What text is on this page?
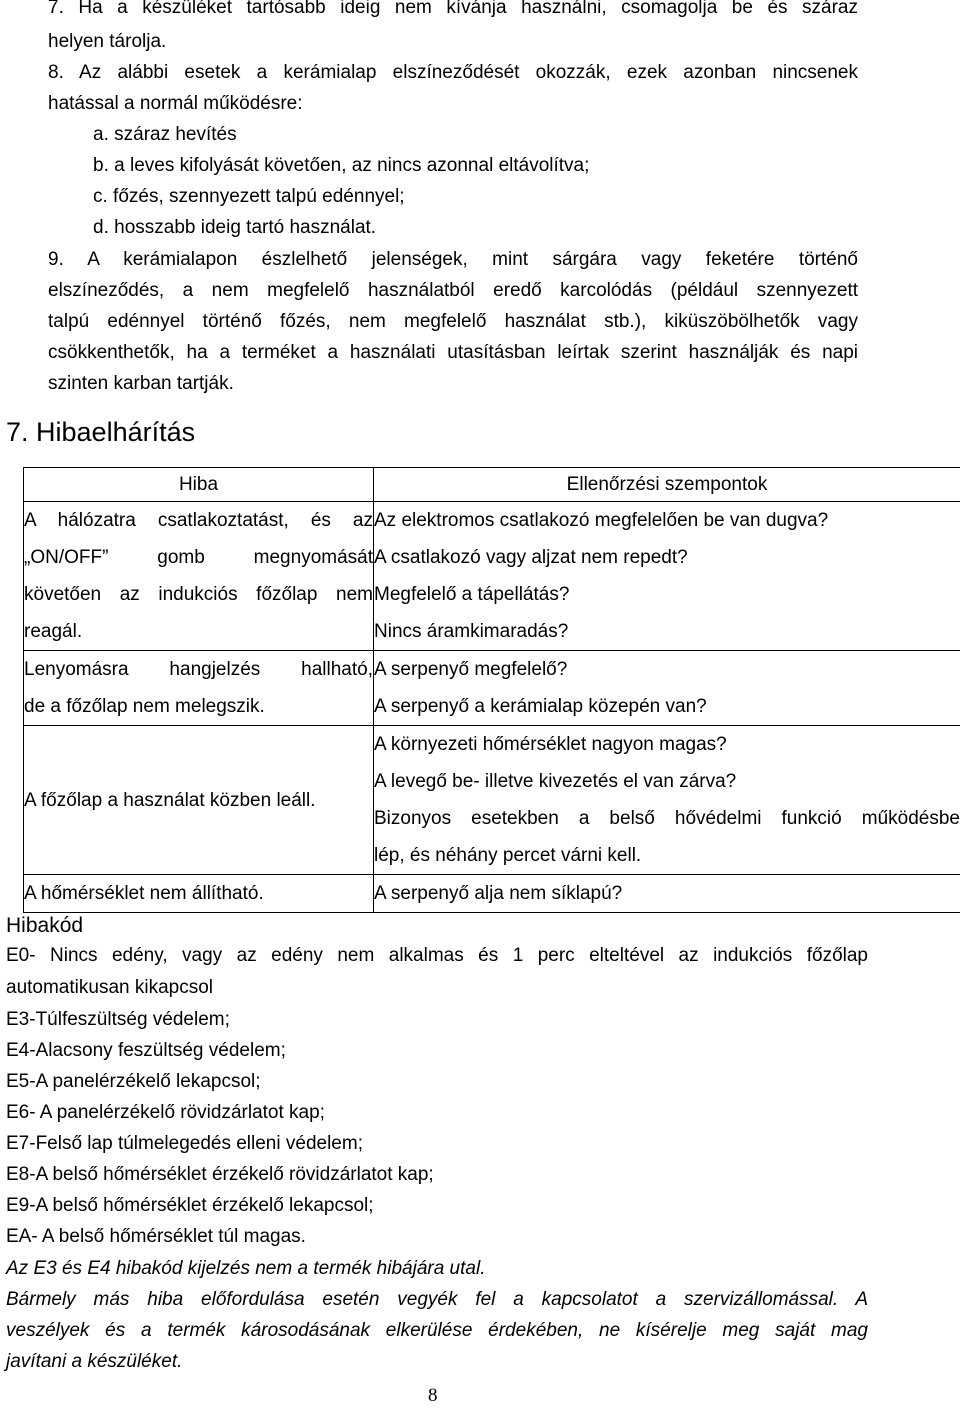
7. Ha a készüléket tartósabb ideig nem kívánja használni, csomagolja be és száraz
helyen tárolja.
8. Az alábbi esetek a kerámialap elszíneződését okozzák, ezek azonban nincsenek
hatással a normál működésre:
a. száraz hevítés
b. a leves kifolyását követően, az nincs azonnal eltávolítva;
c. főzés, szennyezett talpú edénnyel;
d. hosszabb ideig tartó használat.
9. A kerámialapon észlelhető jelenségek, mint sárgára vagy feketére történő
elszíneződés, a nem megfelelő használatból eredő karcolódás (például szennyezett
talpú edénnyel történő főzés, nem megfelelő használat stb.), kiküszöbölhetők vagy
csökkenthetők, ha a terméket a használati utasításban leírtak szerint használják és napi
szinten karban tartják.
7. Hibaelhárítás
Hiba	Ellenőrzési szempontok

A hálózatra csatlakoztatást, és az
„ON/OFF” gomb megnyomását
követően az indukciós főzőlap nem
reagál.	Az elektromos csatlakozó megfelelően be van dugva?
A csatlakozó vagy aljzat nem repedt?
Megfelelő a tápellátás?
Nincs áramkimaradás?

Lenyomásra hangjelzés hallható,
de a főzőlap nem melegszik.	A serpenyő megfelelő?
A serpenyő a kerámialap közepén van?

A főzőlap a használat közben leáll.	A környezeti hőmérséklet nagyon magas?
A levegő be- illetve kivezetés el van zárva?
Bizonyos esetekben a belső hővédelmi funkció működésbe
lép, és néhány percet várni kell.

A hőmérséklet nem állítható.	A serpenyő alja nem síklapú?
Hibakód
E0- Nincs edény, vagy az edény nem alkalmas és 1 perc elteltével az indukciós főzőlap
automatikusan kikapcsol
E3-Túlfeszültség védelem;
E4-Alacsony feszültség védelem;
E5-A panelérzékelő lekapcsol;
E6- A panelérzékelő rövidzárlatot kap;
E7-Felső lap túlmelegedés elleni védelem;
E8-A belső hőmérséklet érzékelő rövidzárlatot kap;
E9-A belső hőmérséklet érzékelő lekapcsol;
EA- A belső hőmérséklet túl magas.
Az E3 és E4 hibakód kijelzés nem a termék hibájára utal.
Bármely más hiba előfordulása esetén vegyék fel a kapcsolatot a szervizállomással. A
veszélyek és a termék károsodásának elkerülése érdekében, ne kísérelje meg saját mag
javítani a készüléket.
8
